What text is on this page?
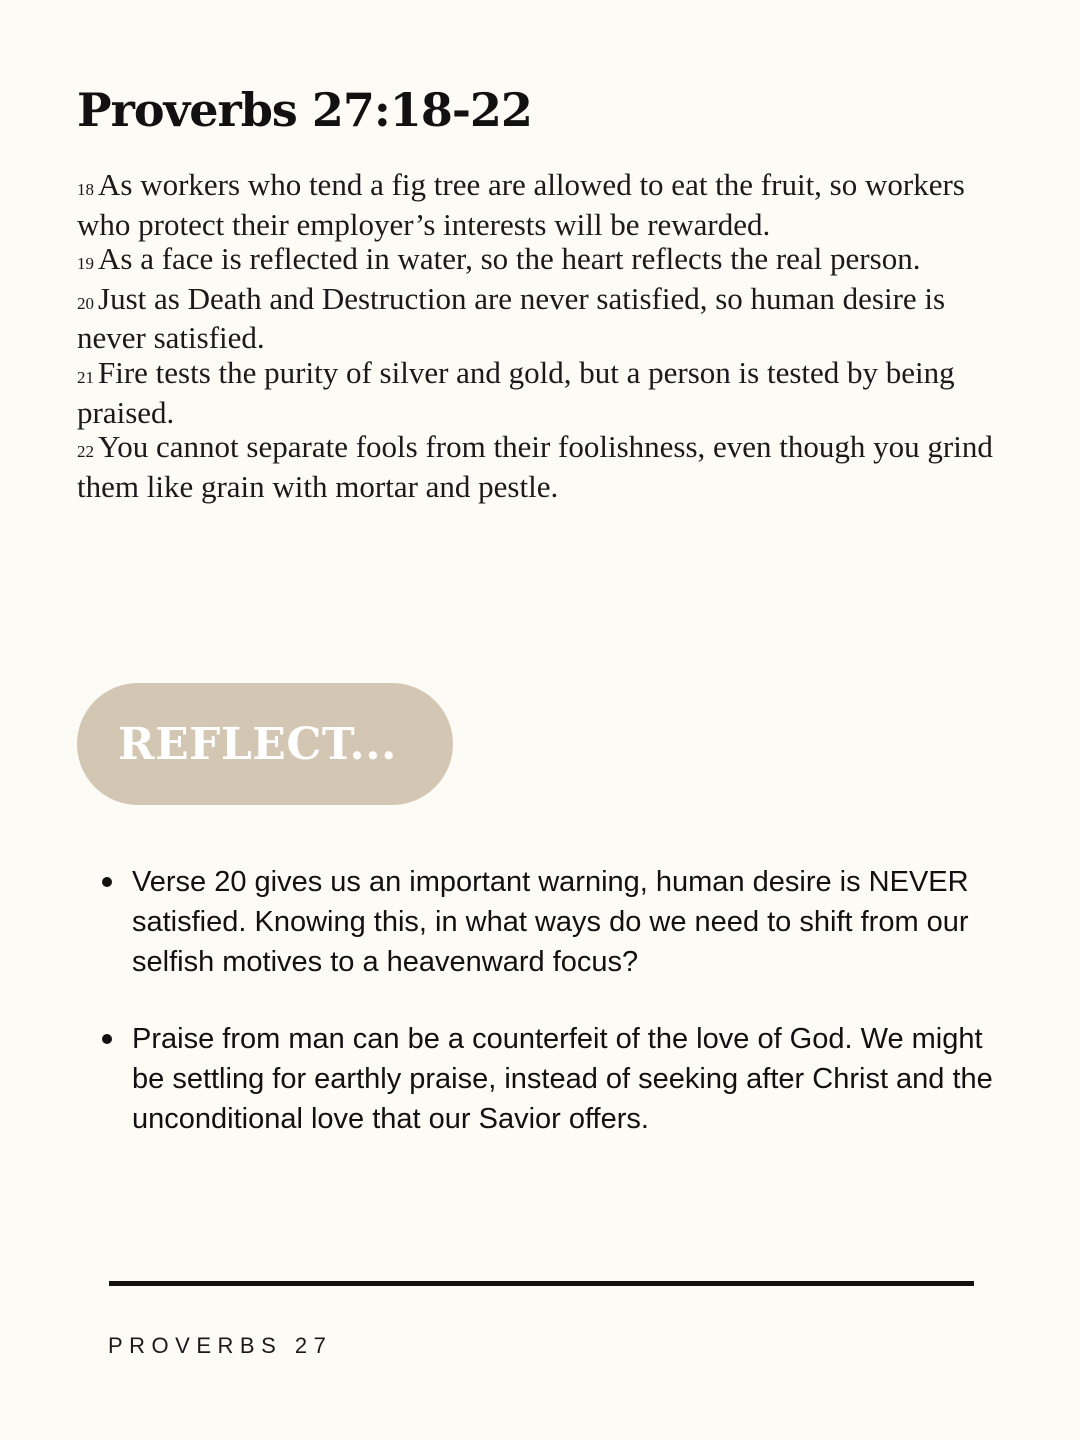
Proverbs 27:18-22

18 As workers who tend a fig tree are allowed to eat the fruit, so workers who protect their employer’s interests will be rewarded.

19 As a face is reflected in water, so the heart reflects the real person.

20 Just as Death and Destruction are never satisfied, so human desire is never satisfied.

21 Fire tests the purity of silver and gold, but a person is tested by being praised.

22 You cannot separate fools from their foolishness, even though you grind them like grain with mortar and pestle.

REFLECT...
Verse 20 gives us an important warning, human desire is NEVER satisfied. Knowing this, in what ways do we need to shift from our selfish motives to a heavenward focus?
Praise from man can be a counterfeit of the love of God. We might be settling for earthly praise, instead of seeking after Christ and the unconditional love that our Savior offers.
PROVERBS 27
